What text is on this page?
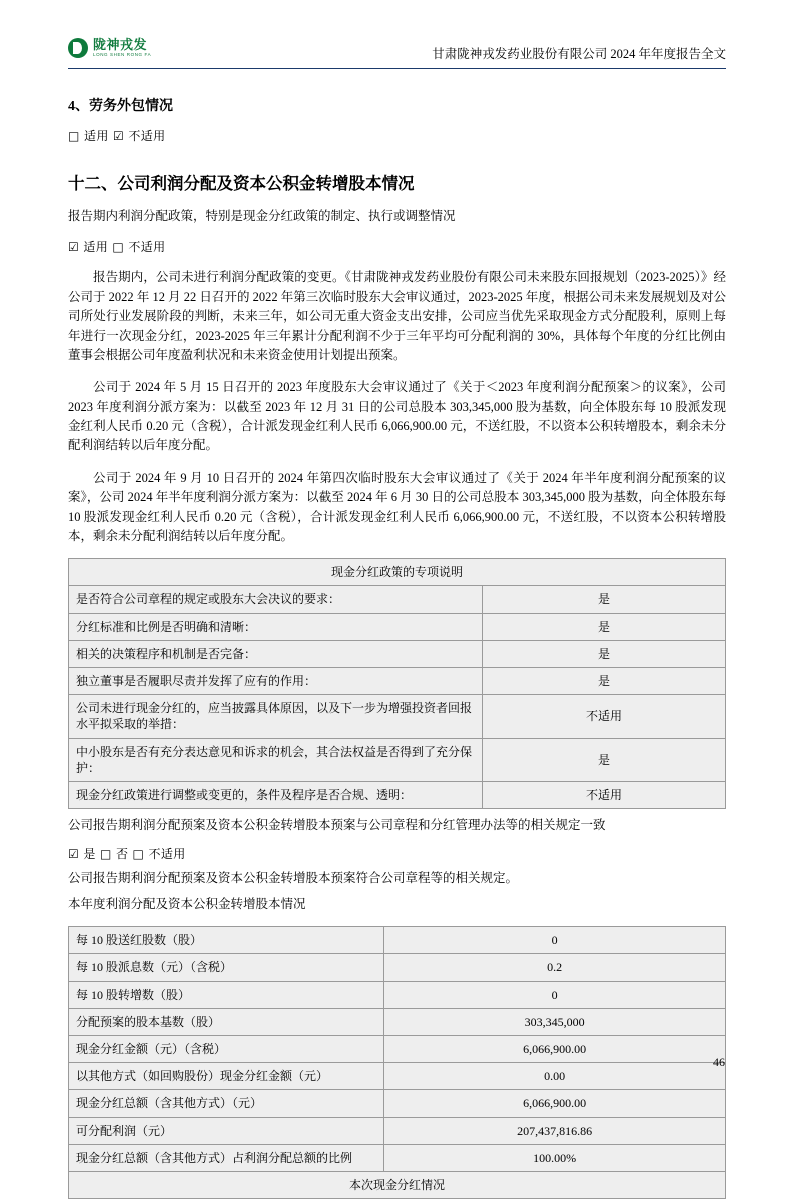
陇神戎发
LONG SHEN RONG FA	甘肃陇神戎发药业股份有限公司 2024 年年度报告全文
4、劳务外包情况
□ 适用 ☑ 不适用
十二、公司利润分配及资本公积金转增股本情况

报告期内利润分配政策，特别是现金分红政策的制定、执行或调整情况

☑ 适用 □ 不适用

报告期内，公司未进行利润分配政策的变更。《甘肃陇神戎发药业股份有限公司未来股东回报规划（2023-2025）》经公司于 2022 年 12 月 22 日召开的 2022 年第三次临时股东大会审议通过，2023-2025 年度，根据公司未来发展规划及对公司所处行业发展阶段的判断，未来三年，如公司无重大资金支出安排，公司应当优先采取现金方式分配股利，原则上每年进行一次现金分红，2023-2025 年三年累计分配利润不少于三年平均可分配利润的 30%，具体每个年度的分红比例由董事会根据公司年度盈利状况和未来资金使用计划提出预案。

公司于 2024 年 5 月 15 日召开的 2023 年度股东大会审议通过了《关于＜2023 年度利润分配预案＞的议案》，公司 2023 年度利润分派方案为：以截至 2023 年 12 月 31 日的公司总股本 303,345,000 股为基数，向全体股东每 10 股派发现金红利人民币 0.20 元（含税），合计派发现金红利人民币 6,066,900.00 元，不送红股，不以资本公积转增股本，剩余未分配利润结转以后年度分配。

公司于 2024 年 9 月 10 日召开的 2024 年第四次临时股东大会审议通过了《关于 2024 年半年度利润分配预案的议案》，公司 2024 年半年度利润分派方案为：以截至 2024 年 6 月 30 日的公司总股本 303,345,000 股为基数，向全体股东每 10 股派发现金红利人民币 0.20 元（含税），合计派发现金红利人民币 6,066,900.00 元，不送红股，不以资本公积转增股本，剩余未分配利润结转以后年度分配。

现金分红政策的专项说明	
是否符合公司章程的规定或股东大会决议的要求：	是
分红标准和比例是否明确和清晰：	是
相关的决策程序和机制是否完备：	是
独立董事是否履职尽责并发挥了应有的作用：	是
公司未进行现金分红的，应当披露具体原因，以及下一步为增强投资者回报水平拟采取的举措：	不适用
中小股东是否有充分表达意见和诉求的机会，其合法权益是否得到了充分保护：	是
现金分红政策进行调整或变更的，条件及程序是否合规、透明：	不适用

公司报告期利润分配预案及资本公积金转增股本预案与公司章程和分红管理办法等的相关规定一致

☑ 是 □ 否 □ 不适用

公司报告期利润分配预案及资本公积金转增股本预案符合公司章程等的相关规定。

本年度利润分配及资本公积金转增股本情况

每 10 股送红股数（股）	0
每 10 股派息数（元）（含税）	0.2
每 10 股转增数（股）	0
分配预案的股本基数（股）	303,345,000
现金分红金额（元）（含税）	6,066,900.00
以其他方式（如回购股份）现金分红金额（元）	0.00
现金分红总额（含其他方式）（元）	6,066,900.00
可分配利润（元）	207,437,816.86
现金分红总额（含其他方式）占利润分配总额的比例	100.00%
本次现金分红情况	
46
